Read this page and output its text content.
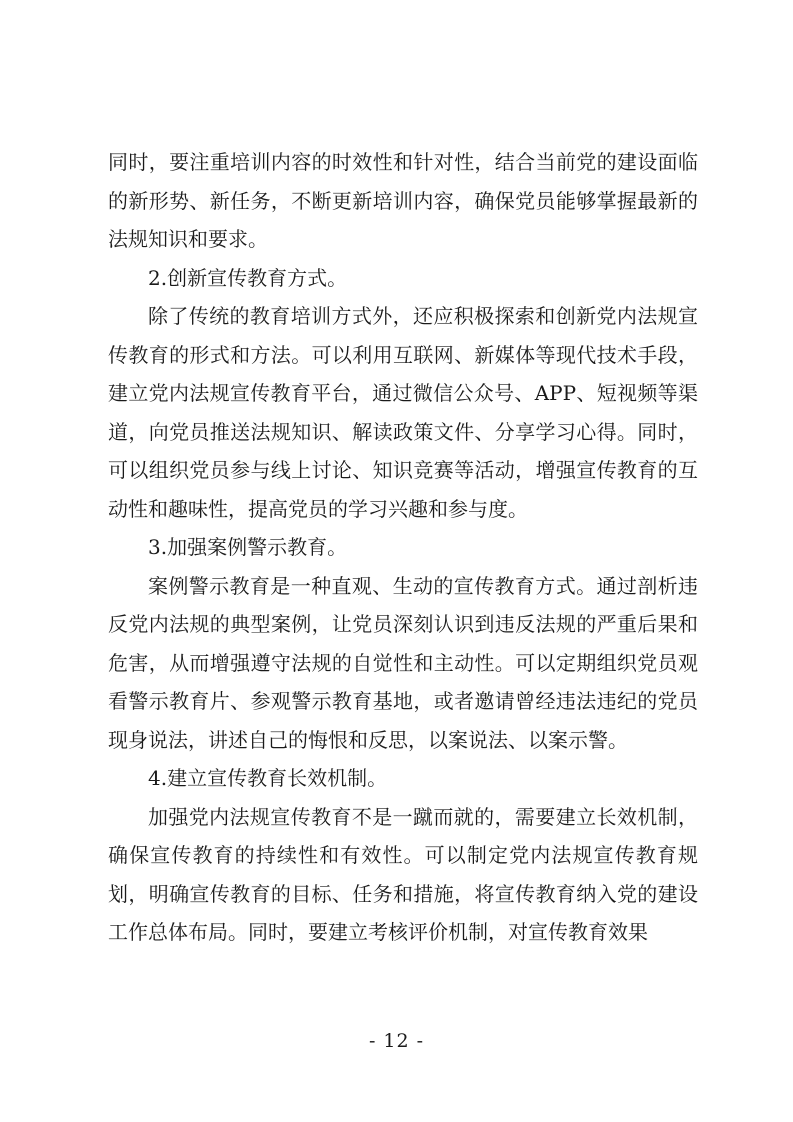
同时，要注重培训内容的时效性和针对性，结合当前党的建设面临的新形势、新任务，不断更新培训内容，确保党员能够掌握最新的法规知识和要求。

2.创新宣传教育方式。

除了传统的教育培训方式外，还应积极探索和创新党内法规宣传教育的形式和方法。可以利用互联网、新媒体等现代技术手段，建立党内法规宣传教育平台，通过微信公众号、APP、短视频等渠道，向党员推送法规知识、解读政策文件、分享学习心得。同时，可以组织党员参与线上讨论、知识竞赛等活动，增强宣传教育的互动性和趣味性，提高党员的学习兴趣和参与度。

3.加强案例警示教育。

案例警示教育是一种直观、生动的宣传教育方式。通过剖析违反党内法规的典型案例，让党员深刻认识到违反法规的严重后果和危害，从而增强遵守法规的自觉性和主动性。可以定期组织党员观看警示教育片、参观警示教育基地，或者邀请曾经违法违纪的党员现身说法，讲述自己的悔恨和反思，以案说法、以案示警。

4.建立宣传教育长效机制。

加强党内法规宣传教育不是一蹴而就的，需要建立长效机制，确保宣传教育的持续性和有效性。可以制定党内法规宣传教育规划，明确宣传教育的目标、任务和措施，将宣传教育纳入党的建设工作总体布局。同时，要建立考核评价机制，对宣传教育效果

- 12 -
